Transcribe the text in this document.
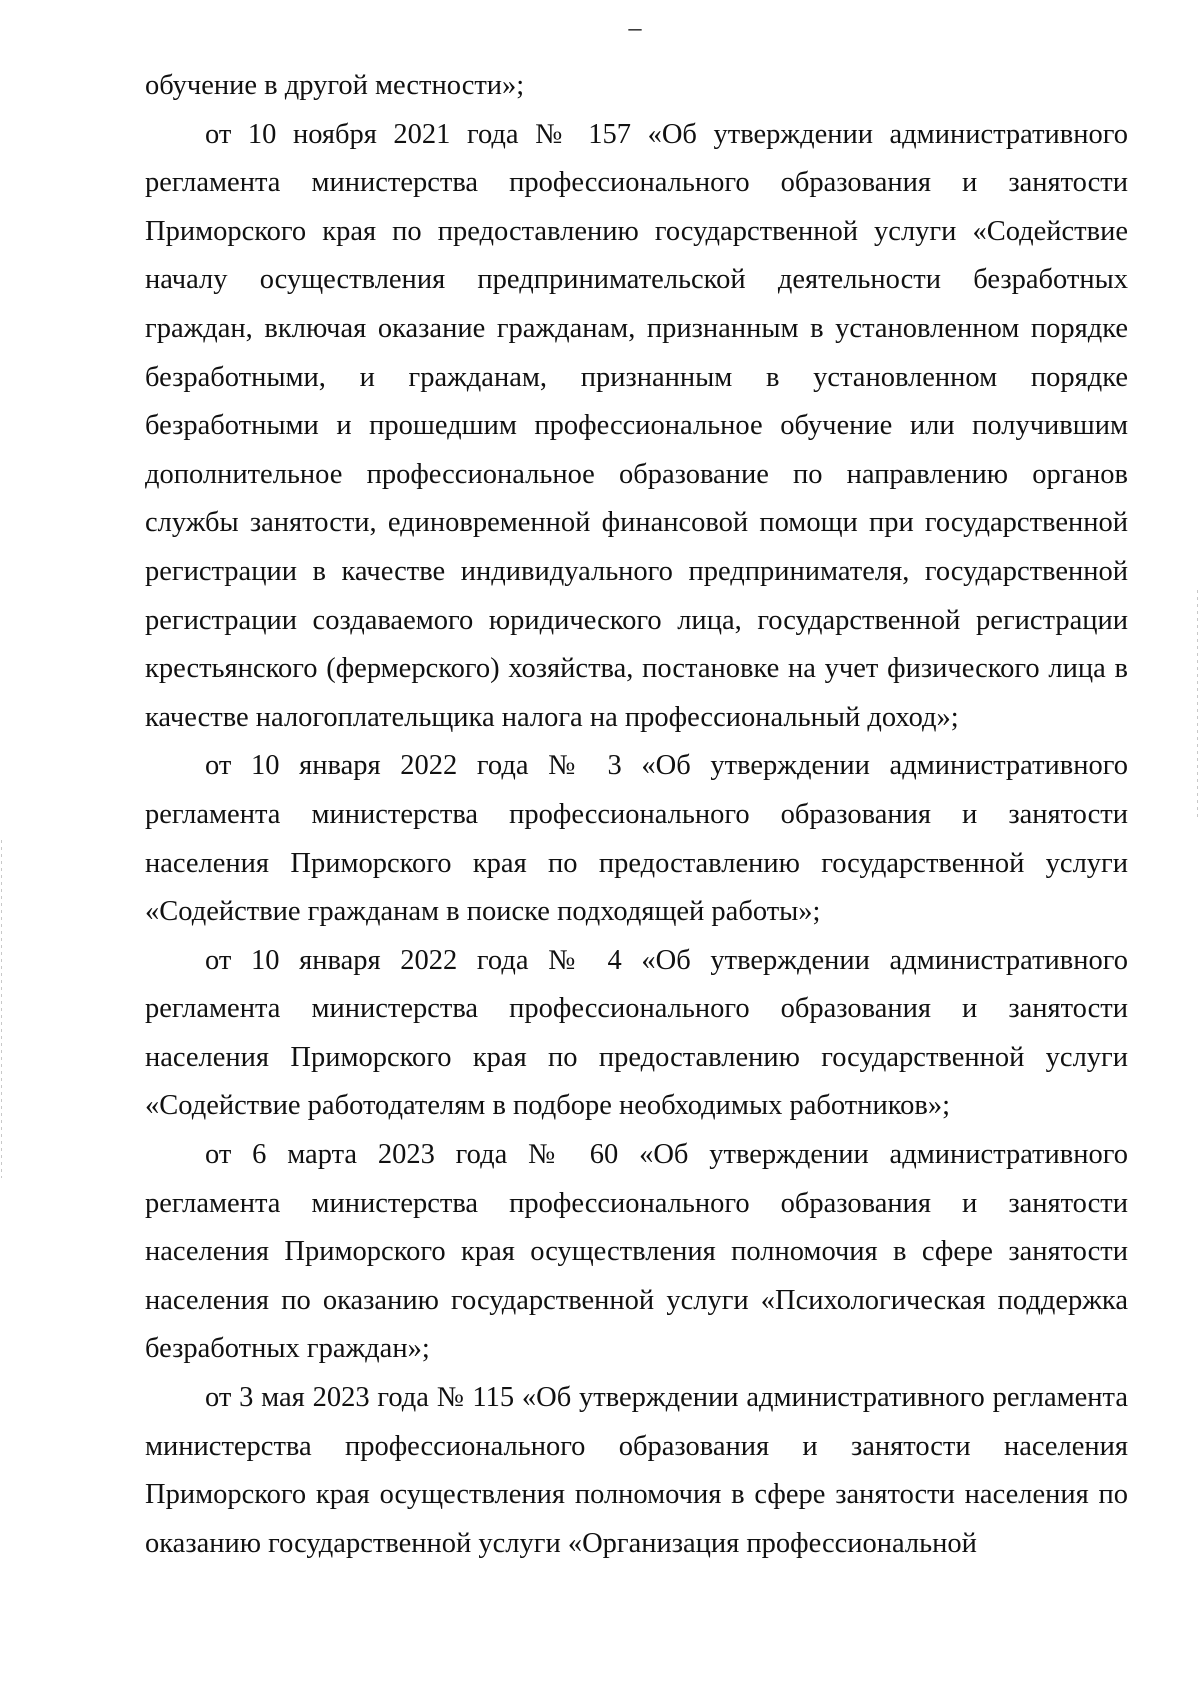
–

обучение в другой местности»;

от 10 ноября 2021 года № 157 «Об утверждении административного регламента министерства профессионального образования и занятости Приморского края по предоставлению государственной услуги «Содействие началу осуществления предпринимательской деятельности безработных граждан, включая оказание гражданам, признанным в установленном порядке безработными, и гражданам, признанным в установленном порядке безработными и прошедшим профессиональное обучение или получившим дополнительное профессиональное образование по направлению органов службы занятости, единовременной финансовой помощи при государственной регистрации в качестве индивидуального предпринимателя, государственной регистрации создаваемого юридического лица, государственной регистрации крестьянского (фермерского) хозяйства, постановке на учет физического лица в качестве налогоплательщика налога на профессиональный доход»;

от 10 января 2022 года № 3 «Об утверждении административного регламента министерства профессионального образования и занятости населения Приморского края по предоставлению государственной услуги «Содействие гражданам в поиске подходящей работы»;

от 10 января 2022 года № 4 «Об утверждении административного регламента министерства профессионального образования и занятости населения Приморского края по предоставлению государственной услуги «Содействие работодателям в подборе необходимых работников»;

от 6 марта 2023 года № 60 «Об утверждении административного регламента министерства профессионального образования и занятости населения Приморского края осуществления полномочия в сфере занятости населения по оказанию государственной услуги «Психологическая поддержка безработных граждан»;

от 3 мая 2023 года № 115 «Об утверждении административного регламента министерства профессионального образования и занятости населения Приморского края осуществления полномочия в сфере занятости населения по оказанию государственной услуги «Организация профессиональной
